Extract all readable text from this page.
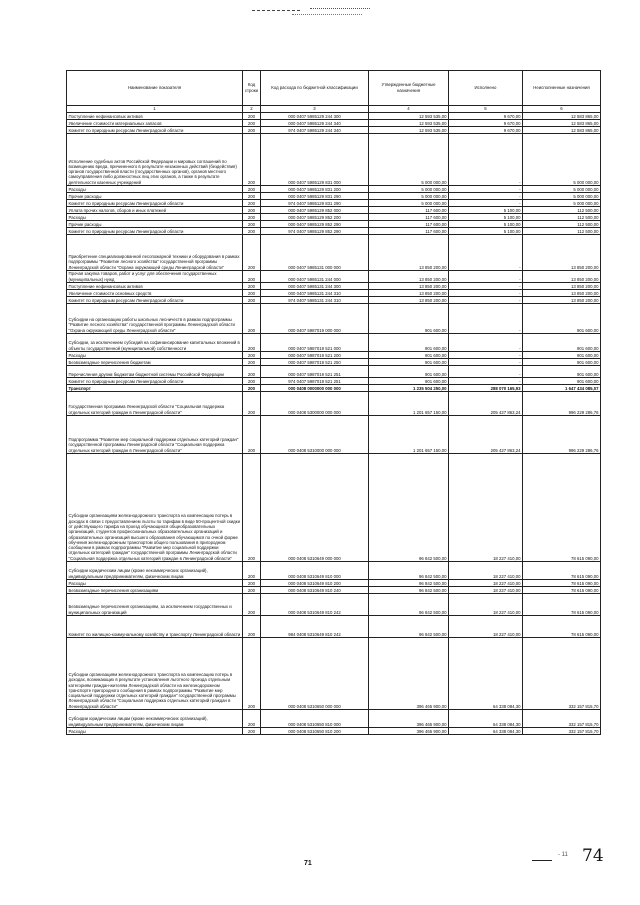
Наименование показателя	Код строки	Код расхода по бюджетной классификации	Утвержденные бюджетные назначения	Исполнено	Неисполненные назначения
1	2	3	4	5	6
Поступление нефинансовых активов	200	000 0407 5985129 244 300	12 593 535,00	9 670,00	12 583 865,00
Увеличение стоимости материальных запасов	200	000 0407 5985129 244 340	12 593 535,00	9 670,00	12 583 865,00
Комитет по природным ресурсам Ленинградской области	200	974 0407 5985129 244 340	12 593 535,00	9 670,00	12 583 865,00
Исполнение судебных актов Российской Федерации и мировых соглашений по возмещению вреда, причиненного в результате незаконных действий (бездействия) органов государственной власти (государственных органов), органов местного самоуправления либо должностных лиц этих органов, а также в результате деятельности казенных учреждений	200	000 0407 5985129 831 000	5 000 000,00	-	5 000 000,00
Расходы	200	000 0407 5985129 831 200	5 000 000,00	-	5 000 000,00
Прочие расходы	200	000 0407 5985129 831 290	5 000 000,00	-	5 000 000,00
Комитет по природным ресурсам Ленинградской области	200	974 0407 5985129 831 290	5 000 000,00	-	5 000 000,00
Уплата прочих налогов, сборов и иных платежей	200	000 0407 5985129 852 000	117 600,00	5 100,00	112 500,00
Расходы	200	000 0407 5985129 852 200	117 600,00	5 100,00	112 500,00
Прочие расходы	200	000 0407 5985129 852 290	117 600,00	5 100,00	112 500,00
Комитет по природным ресурсам Ленинградской области	200	974 0407 5985129 852 290	117 600,00	5 100,00	112 500,00
Приобретение специализированной лесопожарной техники и оборудования в рамках подпрограммы "Развитие лесного хозяйства" государственной программы Ленинградской области "Охрана окружающей среды Ленинградской области"	200	000 0407 5985131 000 000	13 850 200,00	-	13 850 200,00
Прочая закупка товаров, работ и услуг для обеспечения государственных (муниципальных) нужд	200	000 0407 5985131 244 000	13 850 200,00	-	13 850 200,00
Поступление нефинансовых активов	200	000 0407 5985131 244 300	13 850 200,00	-	13 850 200,00
Увеличение стоимости основных средств	200	000 0407 5985131 244 310	13 850 200,00	-	13 850 200,00
Комитет по природным ресурсам Ленинградской области	200	974 0407 5985131 244 310	13 850 200,00	-	13 850 200,00
Субсидии на организацию работы школьных лесничеств в рамках подпрограммы "Развитие лесного хозяйства" государственной программы Ленинградской области "Охрана окружающей среды Ленинградской области"	200	000 0407 5987019 000 000	901 600,00	-	901 600,00
Субсидии, за исключением субсидий на софинансирование капитальных вложений в объекты государственной (муниципальной) собственности	200	000 0407 5987019 521 000	901 600,00	-	901 600,00
Расходы	200	000 0407 5987019 521 200	901 600,00	-	901 600,00
Безвозмездные перечисления бюджетам	200	000 0407 5987019 521 250	901 600,00	-	901 600,00
Перечисления другим бюджетам бюджетной системы Российской Федерации	200	000 0407 5987019 521 251	901 600,00	-	901 600,00
Комитет по природным ресурсам Ленинградской области	200	974 0407 5987019 521 251	901 600,00	-	901 600,00
Транспорт	200	000 0408 0000000 000 000	1 235 504 250,00	288 070 165,93	1 647 434 085,07
Государственная программа Ленинградской области "Социальная поддержка отдельных категорий граждан в Ленинградской области"	200	000 0408 5300000 000 000	1 201 657 150,00	205 427 863,24	996 229 286,76
Подпрограмма "Развитие мер социальной поддержки отдельных категорий граждан" государственной программы Ленинградской области "Социальная поддержка отдельных категорий граждан в Ленинградской области"	200	000 0408 5310000 000 000	1 201 657 150,00	205 427 863,24	996 229 286,76
Субсидии организациям железнодорожного транспорта на компенсацию потерь в доходах в связи с предоставлением льготы по тарифам в виде 50-процентной скидки от действующего тарифа на проезд обучающихся общеобразовательных организаций, студентов профессиональных образовательных организаций и образовательных организаций высшего образования обучающимся по очной форме обучения железнодорожным транспортом общего пользования в пригородном сообщении в рамках подпрограммы "Развитие мер социальной поддержки отдельных категорий граждан" государственной программы Ленинградской области "Социальная поддержка отдельных категорий граждан в Ленинградской области"	200	000 0408 5310649 000 000	96 842 500,00	18 227 410,00	78 615 090,00
Субсидии юридическим лицам (кроме некоммерческих организаций), индивидуальным предпринимателям, физическим лицам	200	000 0408 5310649 810 000	96 842 500,00	18 227 410,00	78 615 090,00
Расходы	200	000 0408 5310649 810 200	96 842 500,00	18 227 410,00	78 615 090,00
Безвозмездные перечисления организациям	200	000 0408 5310649 810 240	96 842 500,00	18 227 410,00	78 615 090,00
Безвозмездные перечисления организациям, за исключением государственных и муниципальных организаций	200	000 0408 5310649 810 242	96 842 500,00	18 227 410,00	78 615 090,00
Комитет по жилищно-коммунальному хозяйству и транспорту Ленинградской области	200	984 0408 5310649 810 242	96 842 500,00	18 227 410,00	78 615 090,00
Субсидии организациям железнодорожного транспорта на компенсацию потерь в доходах, возникающих в результате установления льготного проезда отдельным категориям граждан-жителям Ленинградской области на железнодорожном транспорте пригородного сообщения в рамках подпрограммы "Развитие мер социальной поддержки отдельных категорий граждан" государственной программы Ленинградской области "Социальная поддержка отдельных категорий граждан в Ленинградской области"	200	000 0408 5310650 000 000	396 465 900,00	64 338 084,30	332 157 815,70
Субсидии юридическим лицам (кроме некоммерческих организаций), индивидуальным предпринимателям, физическим лицам	200	000 0408 5310650 810 000	396 465 900,00	64 338 084,30	332 157 815,70
Расходы	200	000 0408 5310650 810 200	396 465 900,00	64 338 084,30	332 157 815,70
71
- 11 74
